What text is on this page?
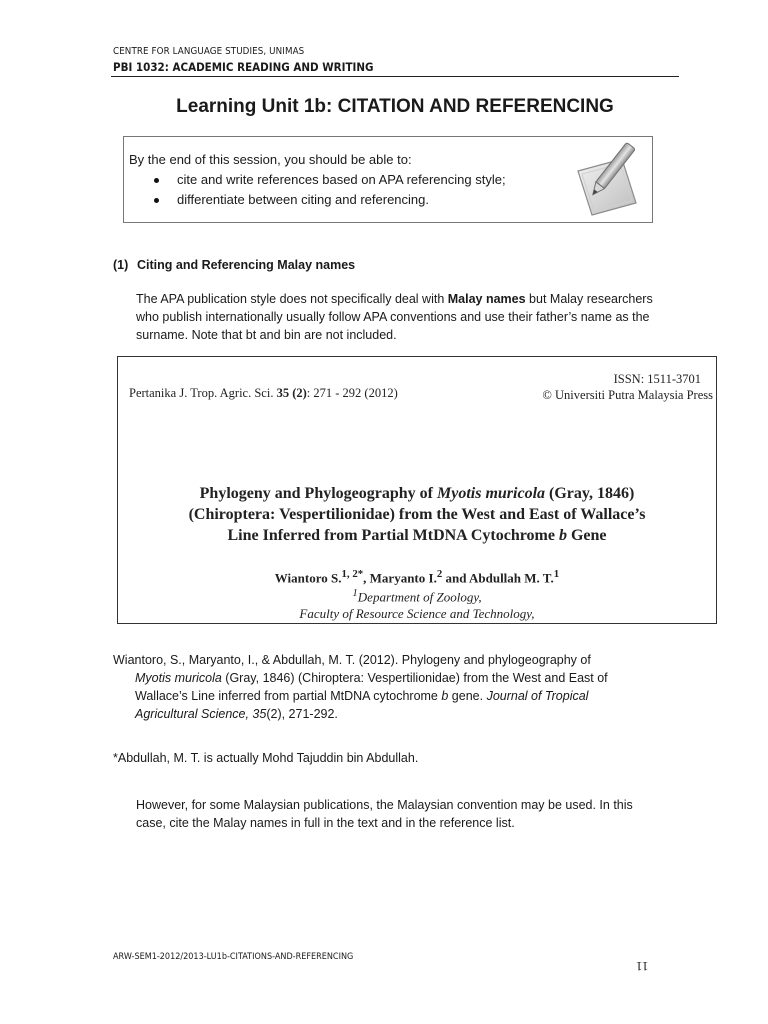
CENTRE FOR LANGUAGE STUDIES, UNIMAS
PBI 1032: ACADEMIC READING AND WRITING
Learning Unit 1b: CITATION AND REFERENCING
By the end of this session, you should be able to:
cite and write references based on APA referencing style;
differentiate between citing and referencing.
(1) Citing and Referencing Malay names
The APA publication style does not specifically deal with Malay names but Malay researchers who publish internationally usually follow APA conventions and use their father’s name as the surname. Note that bt and bin are not included.
Pertanika J. Trop. Agric. Sci. 35 (2): 271 - 292 (2012)
ISSN: 1511-3701
© Universiti Putra Malaysia Press
Phylogeny and Phylogeography of Myotis muricola (Gray, 1846)
(Chiroptera: Vespertilionidae) from the West and East of Wallace’s
Line Inferred from Partial MtDNA Cytochrome b Gene
Wiantoro S.$^{1, 2*}$, Maryanto I.$^2$ and Abdullah M. T.$^1$
$^1$Department of Zoology,
Faculty of Resource Science and Technology,
Wiantoro, S., Maryanto, I., & Abdullah, M. T. (2012). Phylogeny and phylogeography of
Myotis muricola (Gray, 1846) (Chiroptera: Vespertilionidae) from the West and East of
Wallace’s Line inferred from partial MtDNA cytochrome b gene. Journal of Tropical
Agricultural Science, 35(2), 271-292.
*Abdullah, M. T. is actually Mohd Tajuddin bin Abdullah.
However, for some Malaysian publications, the Malaysian convention may be used. In this case, cite the Malay names in full in the text and in the reference list.
ARW-SEM1-2012/2013-LU1b-CITATIONS-AND-REFERENCING
11
